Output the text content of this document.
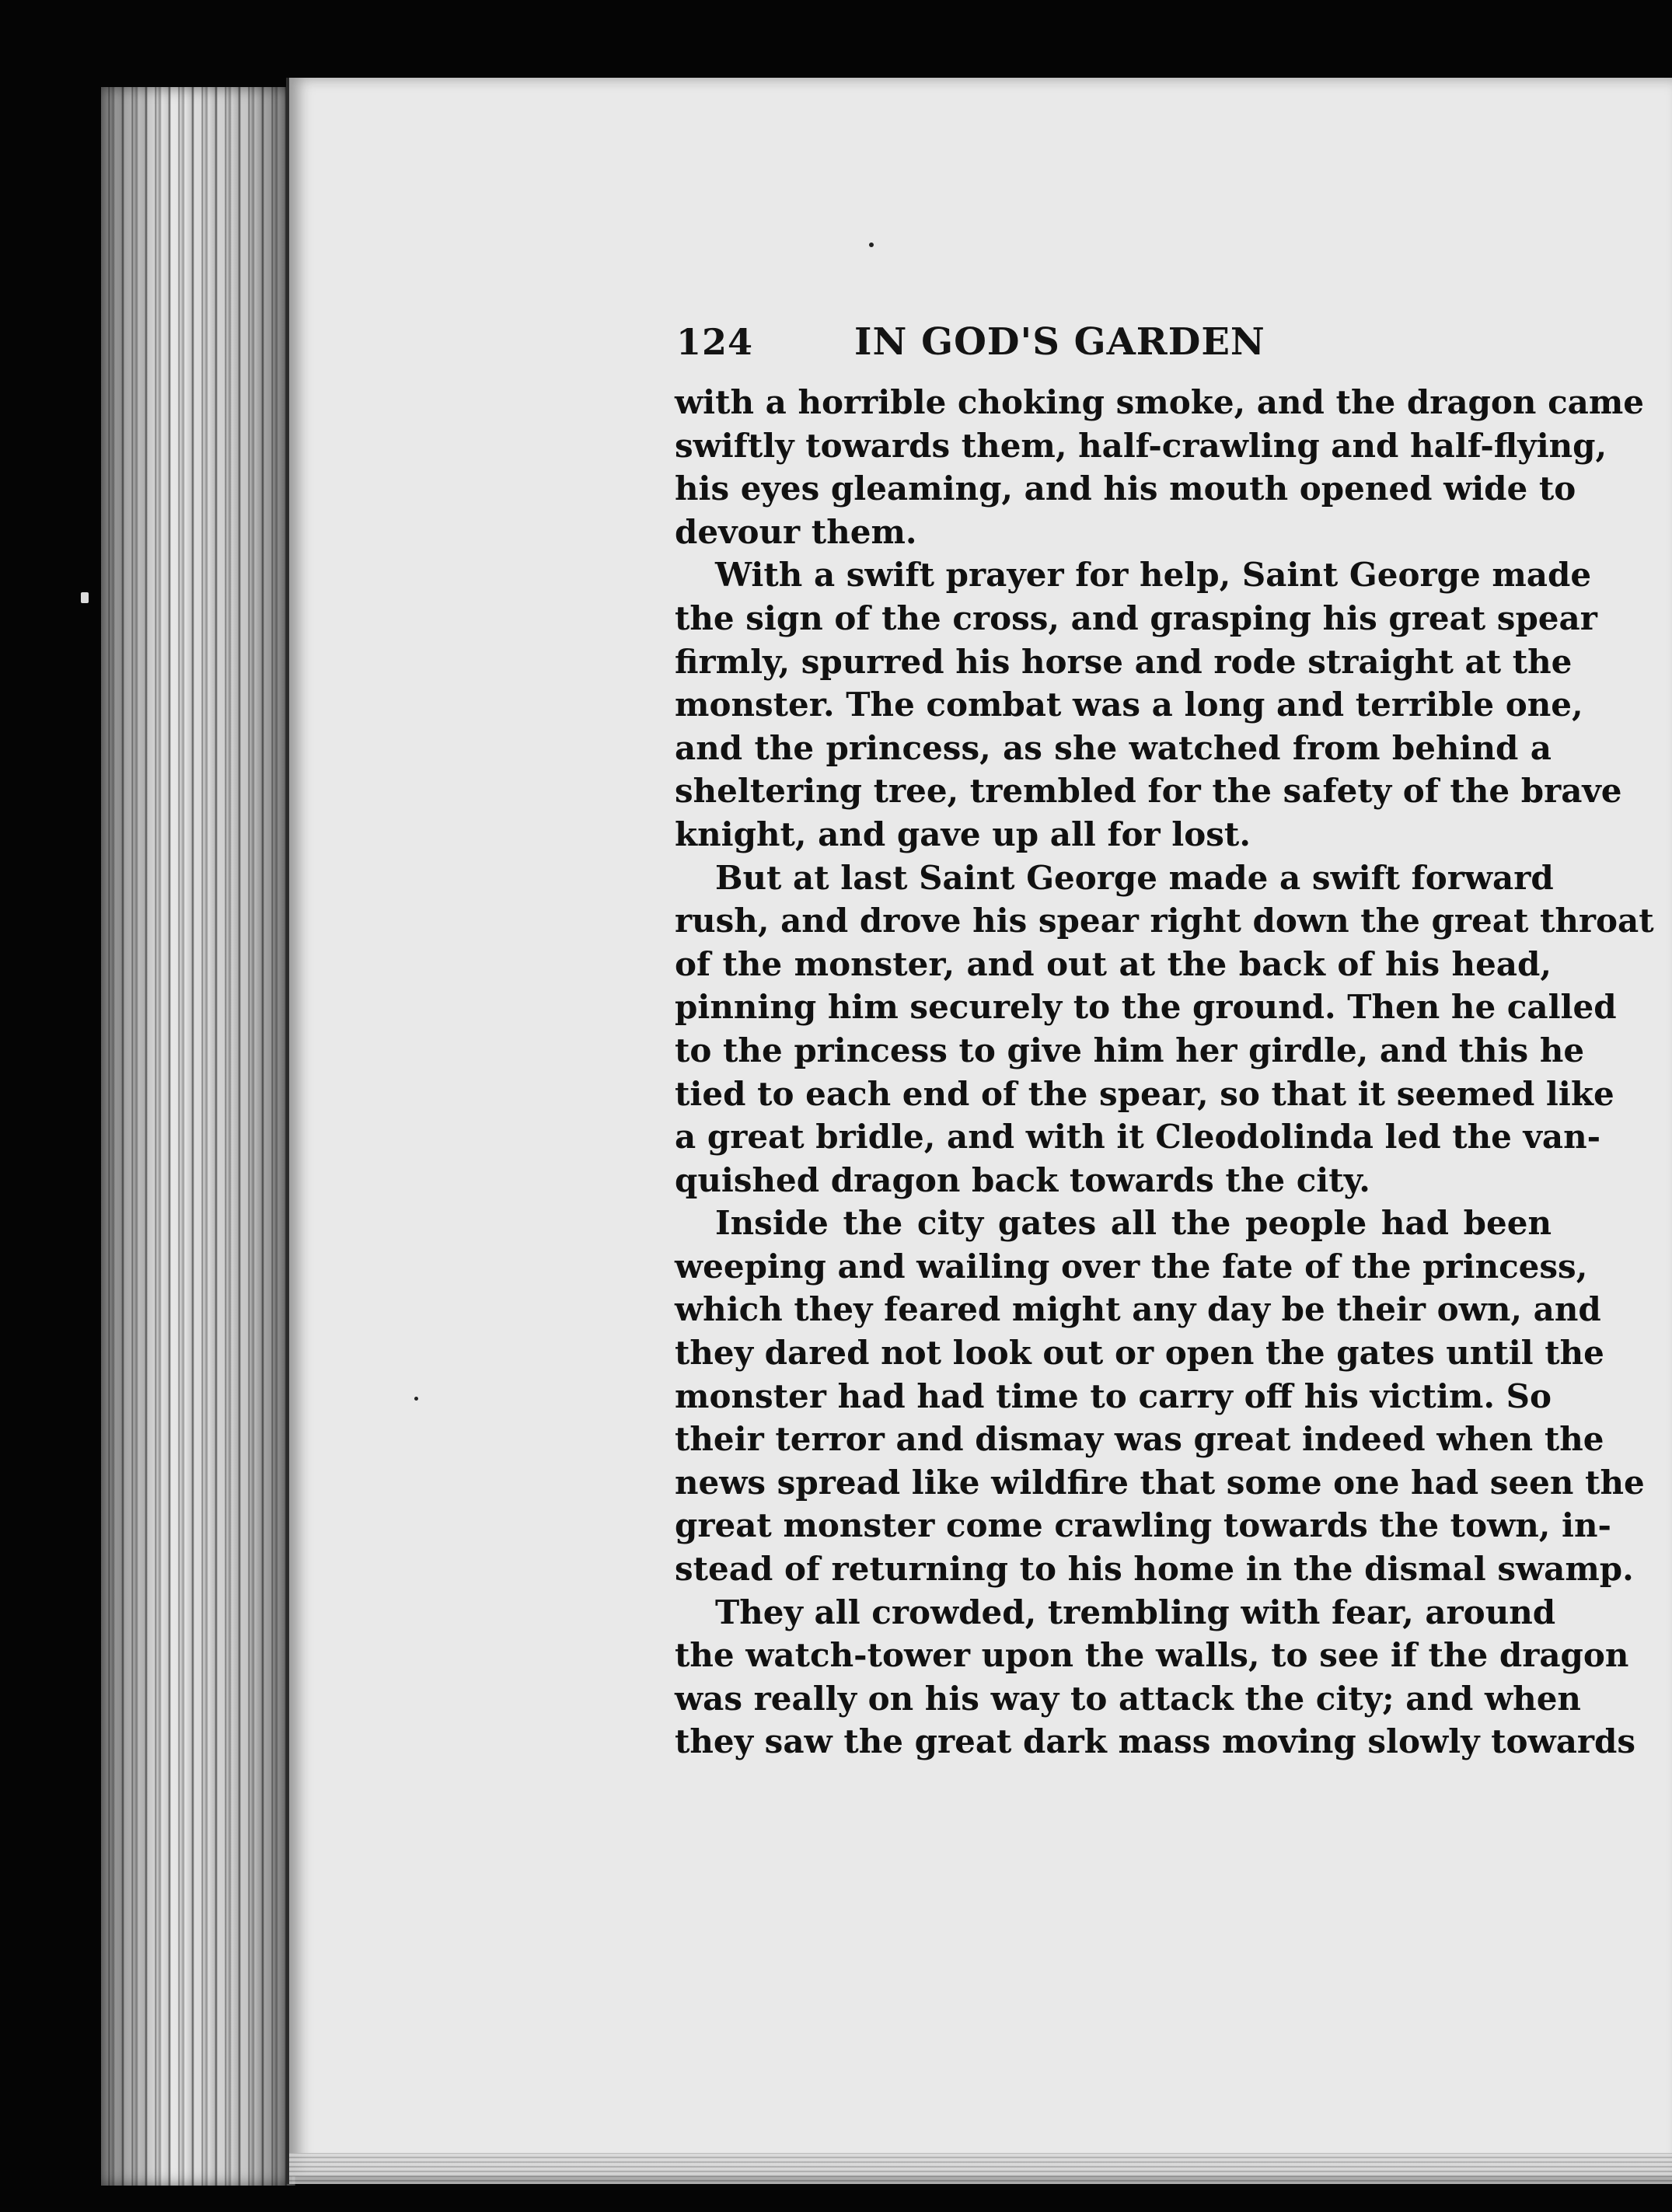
124	IN GOD'S GARDEN
with a horrible choking smoke, and the dragon came
swiftly towards them, half-crawling and half-flying,
his eyes gleaming, and his mouth opened wide to
devour them.
With a swift prayer for help, Saint George made
the sign of the cross, and grasping his great spear
firmly, spurred his horse and rode straight at the
monster. The combat was a long and terrible one,
and the princess, as she watched from behind a
sheltering tree, trembled for the safety of the brave
knight, and gave up all for lost.
But at last Saint George made a swift forward
rush, and drove his spear right down the great throat
of the monster, and out at the back of his head,
pinning him securely to the ground. Then he called
to the princess to give him her girdle, and this he
tied to each end of the spear, so that it seemed like
a great bridle, and with it Cleodolinda led the van-
quished dragon back towards the city.
Inside the city gates all the people had been
weeping and wailing over the fate of the princess,
which they feared might any day be their own, and
they dared not look out or open the gates until the
monster had had time to carry off his victim. So
their terror and dismay was great indeed when the
news spread like wildfire that some one had seen the
great monster come crawling towards the town, in-
stead of returning to his home in the dismal swamp.
They all crowded, trembling with fear, around
the watch-tower upon the walls, to see if the dragon
was really on his way to attack the city; and when
they saw the great dark mass moving slowly towards
